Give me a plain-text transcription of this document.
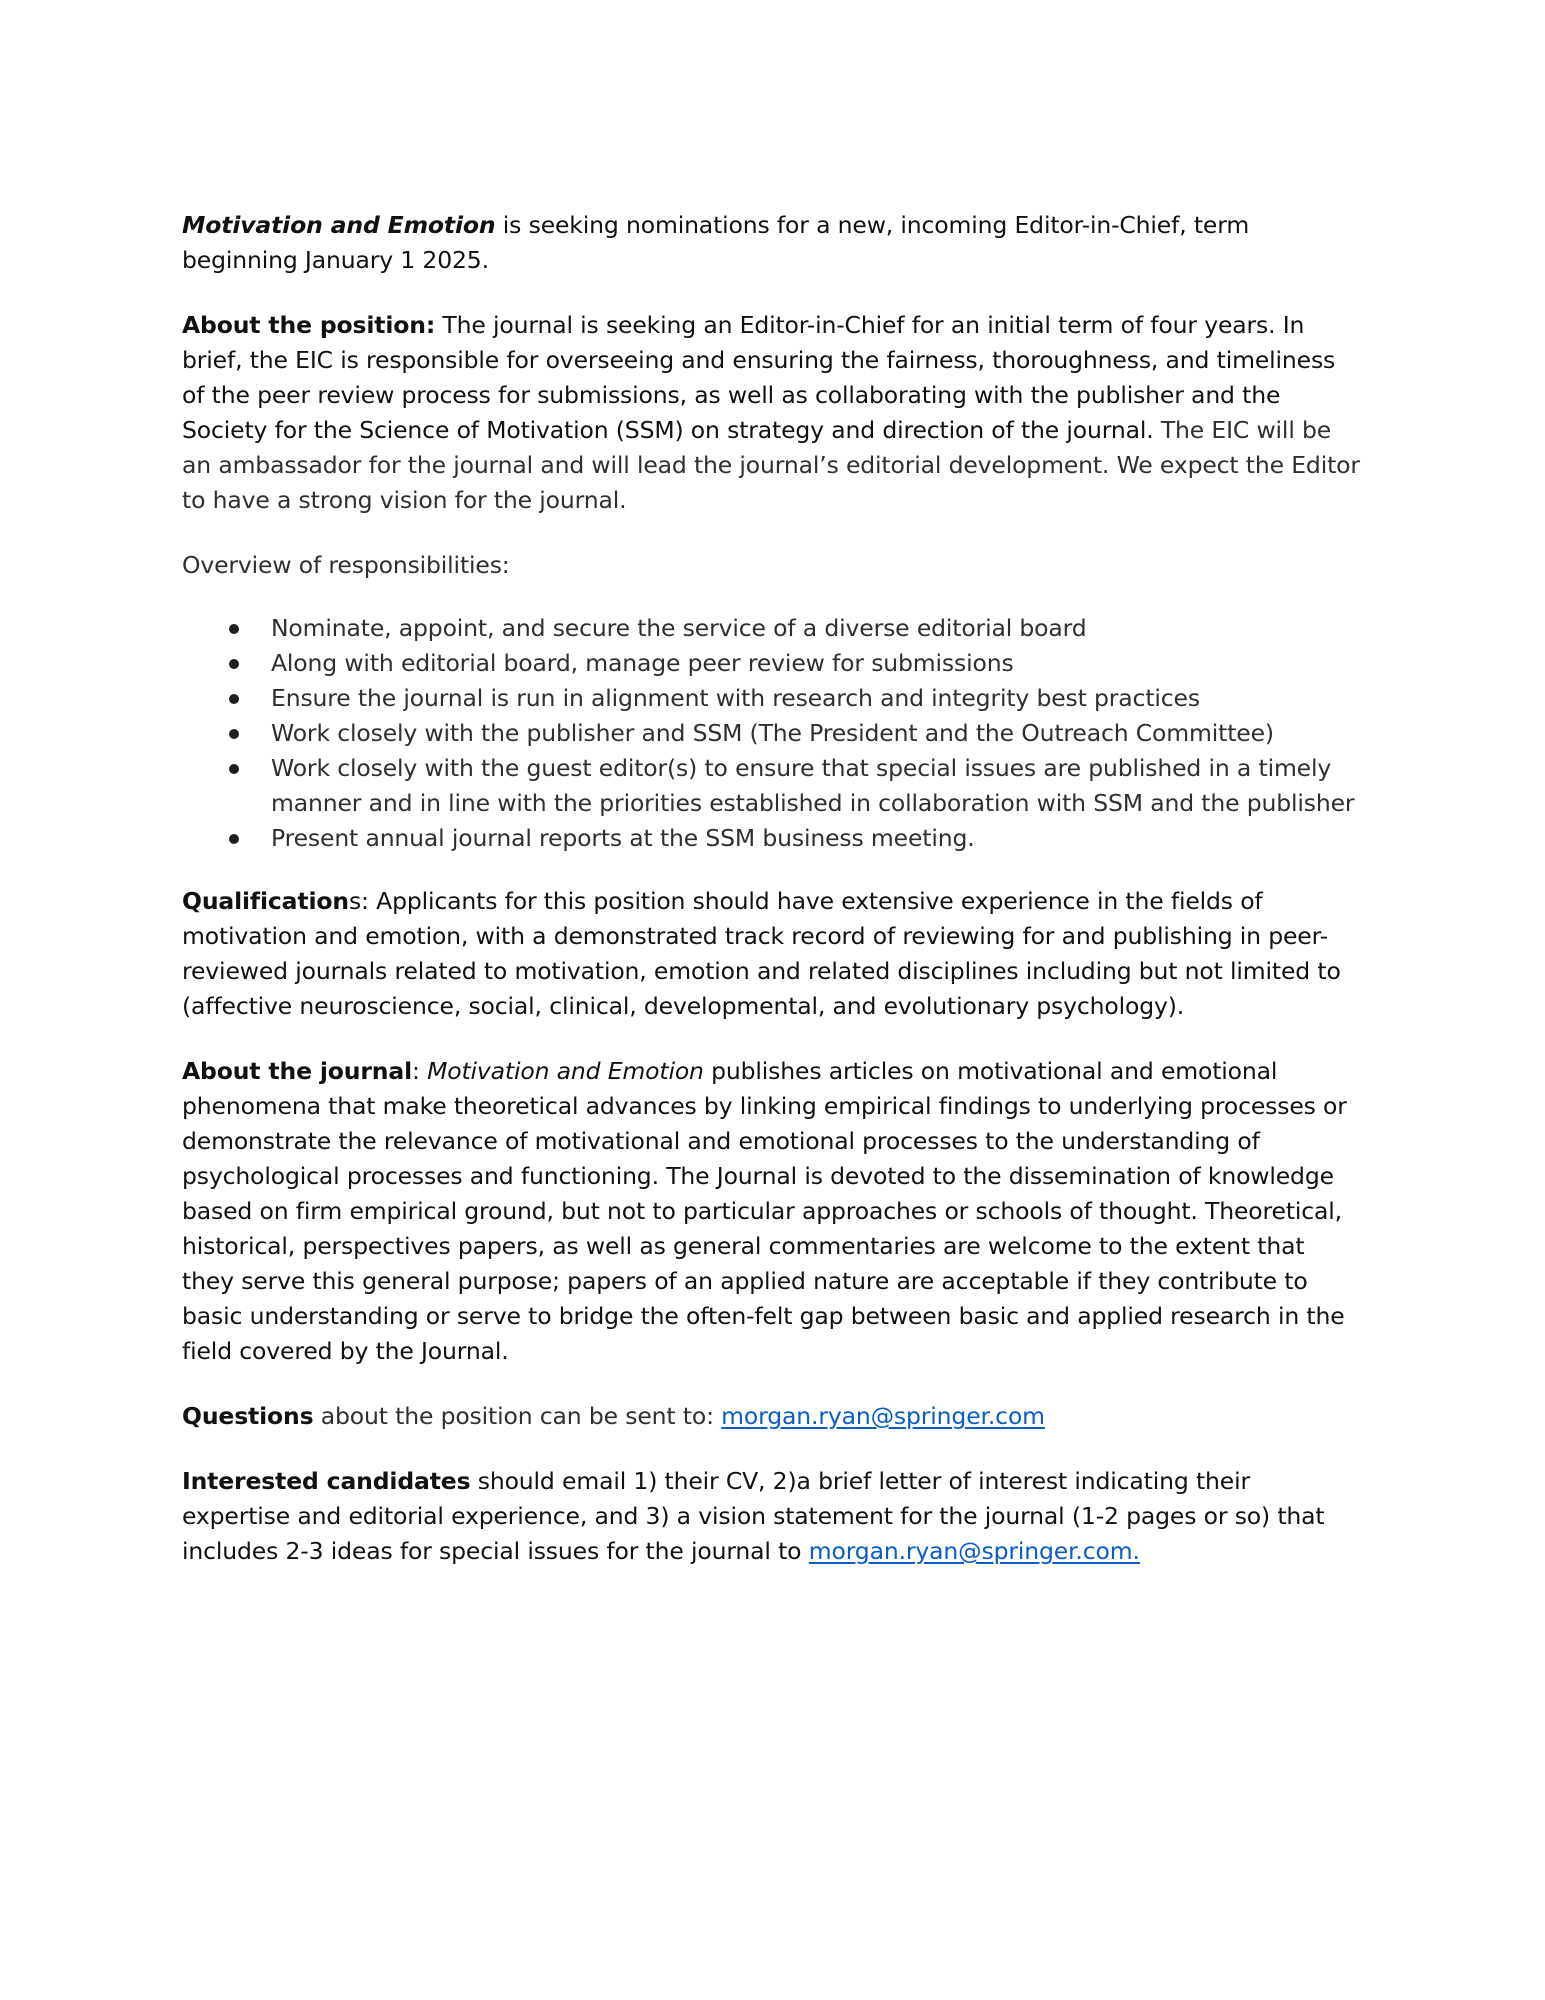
Motivation and Emotion is seeking nominations for a new, incoming Editor-in-Chief, term beginning January 1 2025.

About the position: The journal is seeking an Editor-in-Chief for an initial term of four years. In brief, the EIC is responsible for overseeing and ensuring the fairness, thoroughness, and timeliness of the peer review process for submissions, as well as collaborating with the publisher and the Society for the Science of Motivation (SSM) on strategy and direction of the journal. The EIC will be an ambassador for the journal and will lead the journal’s editorial development. We expect the Editor to have a strong vision for the journal.

Overview of responsibilities:
Nominate, appoint, and secure the service of a diverse editorial board
Along with editorial board, manage peer review for submissions
Ensure the journal is run in alignment with research and integrity best practices
Work closely with the publisher and SSM (The President and the Outreach Committee)
Work closely with the guest editor(s) to ensure that special issues are published in a timely manner and in line with the priorities established in collaboration with SSM and the publisher
Present annual journal reports at the SSM business meeting.

Qualifications: Applicants for this position should have extensive experience in the fields of motivation and emotion, with a demonstrated track record of reviewing for and publishing in peer-reviewed journals related to motivation, emotion and related disciplines including but not limited to (affective neuroscience, social, clinical, developmental, and evolutionary psychology).

About the journal: Motivation and Emotion publishes articles on motivational and emotional phenomena that make theoretical advances by linking empirical findings to underlying processes or demonstrate the relevance of motivational and emotional processes to the understanding of psychological processes and functioning. The Journal is devoted to the dissemination of knowledge based on firm empirical ground, but not to particular approaches or schools of thought. Theoretical, historical, perspectives papers, as well as general commentaries are welcome to the extent that they serve this general purpose; papers of an applied nature are acceptable if they contribute to basic understanding or serve to bridge the often-felt gap between basic and applied research in the field covered by the Journal.

Questions about the position can be sent to: morgan.ryan@springer.com

Interested candidates should email 1) their CV, 2)a brief letter of interest indicating their expertise and editorial experience, and 3) a vision statement for the journal (1-2 pages or so) that includes 2-3 ideas for special issues for the journal to morgan.ryan@springer.com.
